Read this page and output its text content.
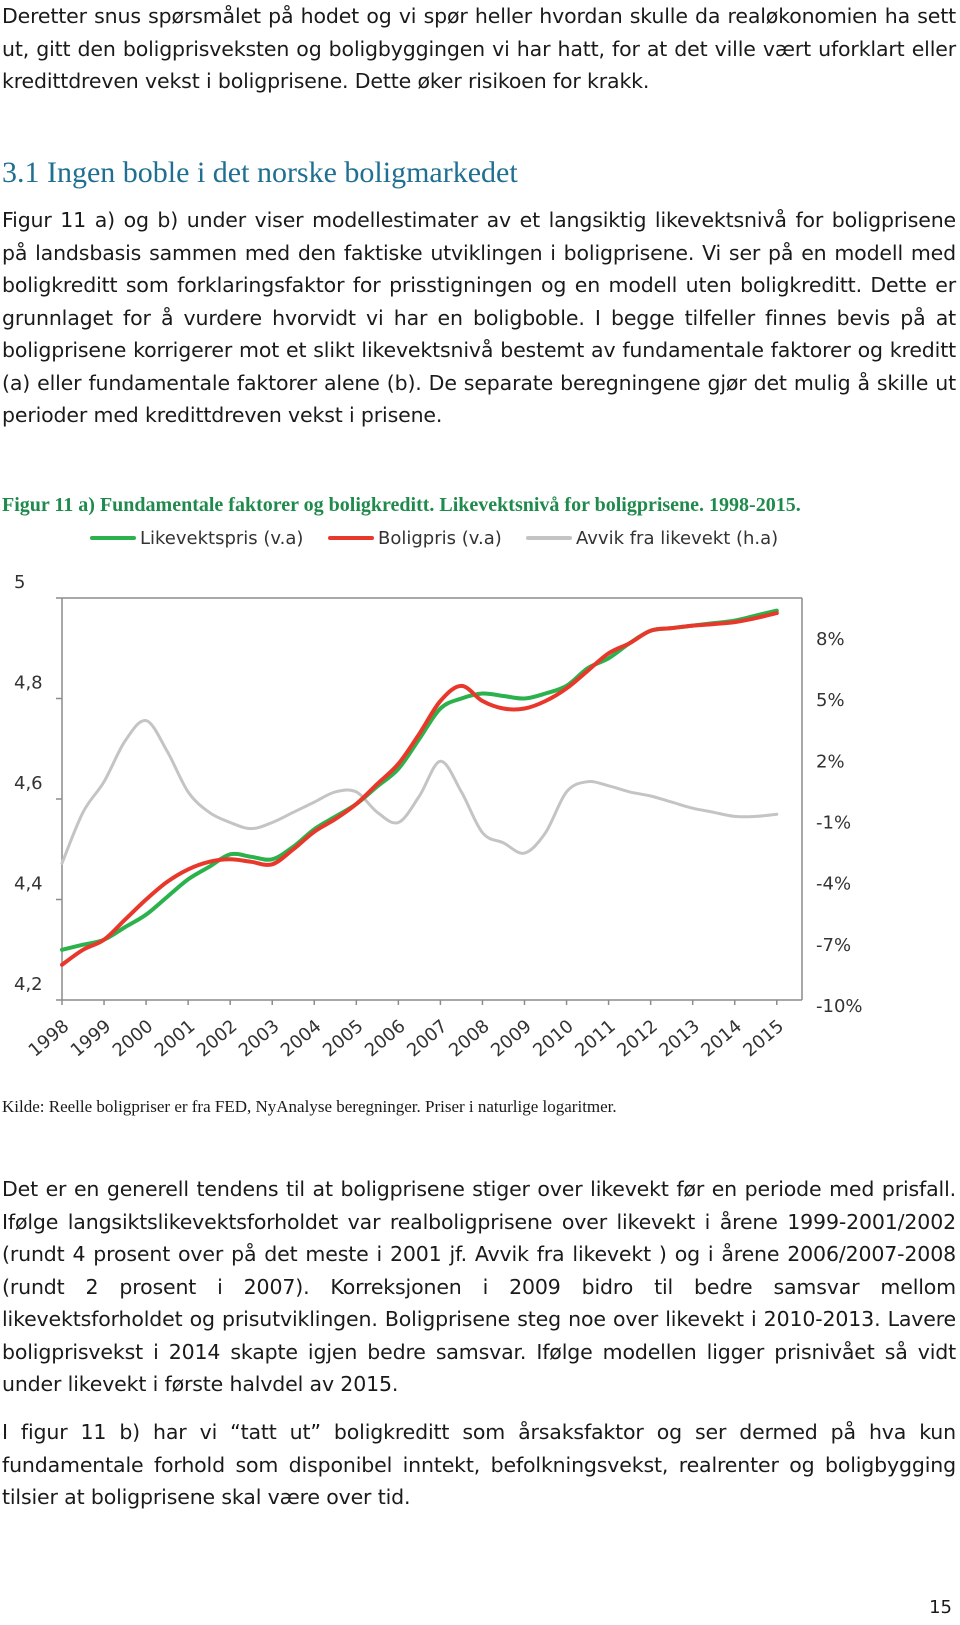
Deretter snus spørsmålet på hodet og vi spør heller hvordan skulle da realøkonomien ha sett ut, gitt den boligprisveksten og boligbyggingen vi har hatt, for at det ville vært uforklart eller kredittdreven vekst i boligprisene. Dette øker risikoen for krakk.

3.1 Ingen boble i det norske boligmarkedet

Figur 11 a) og b) under viser modellestimater av et langsiktig likevektsnivå for boligprisene på landsbasis sammen med den faktiske utviklingen i boligprisene. Vi ser på en modell med boligkreditt som forklaringsfaktor for prisstigningen og en modell uten boligkreditt. Dette er grunnlaget for å vurdere hvorvidt vi har en boligboble. I begge tilfeller finnes bevis på at boligprisene korrigerer mot et slikt likevektsnivå bestemt av fundamentale faktorer og kreditt (a) eller fundamentale faktorer alene (b). De separate beregningene gjør det mulig å skille ut perioder med kredittdreven vekst i prisene.

Figur 11 a) Fundamentale faktorer og boligkreditt. Likevektsnivå for boligprisene. 1998-2015.

Likevektspris (v.a)	Boligpris (v.a)	Avvik fra likevekt (h.a)
4,2
4,4
4,6
4,8
5
-10%
-7%
-4%
-1%
2%
5%
8%
1998
1999
2000
2001
2002
2003
2004
2005
2006
2007
2008
2009
2010
2011
2012
2013
2014
2015

Kilde: Reelle boligpriser er fra FED, NyAnalyse beregninger. Priser i naturlige logaritmer.

Det er en generell tendens til at boligprisene stiger over likevekt før en periode med prisfall. Ifølge langsiktslikevektsforholdet var realboligprisene over likevekt i årene 1999-2001/2002 (rundt 4 prosent over på det meste i 2001 jf. Avvik fra likevekt ) og i årene 2006/2007-2008 (rundt 2 prosent i 2007). Korreksjonen i 2009 bidro til bedre samsvar mellom likevektsforholdet og prisutviklingen. Boligprisene steg noe over likevekt i 2010-2013. Lavere boligprisvekst i 2014 skapte igjen bedre samsvar. Ifølge modellen ligger prisnivået så vidt under likevekt i første halvdel av 2015.

I figur 11 b) har vi “tatt ut” boligkreditt som årsaksfaktor og ser dermed på hva kun fundamentale forhold som disponibel inntekt, befolkningsvekst, realrenter og boligbygging tilsier at boligprisene skal være over tid.

15
